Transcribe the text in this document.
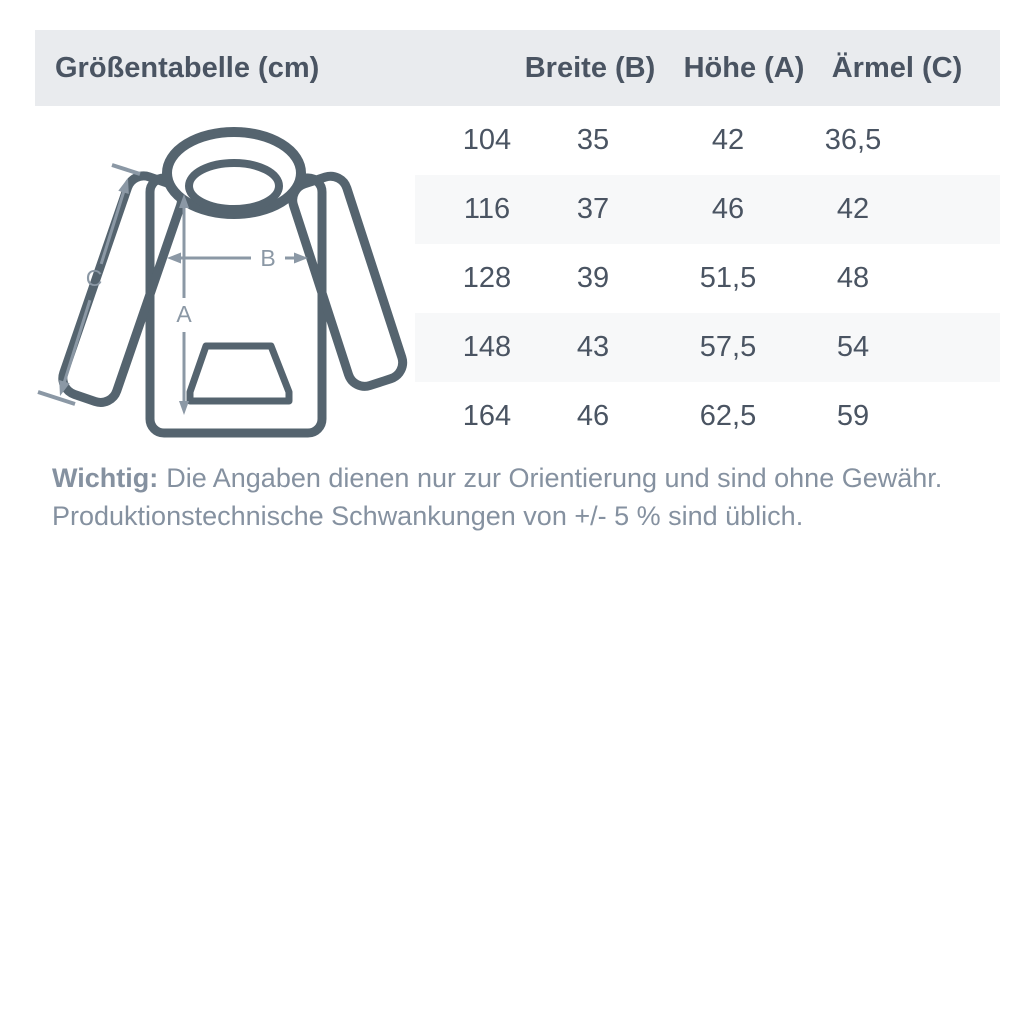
Größentabelle (cm)	Breite (B) Höhe (A) Ärmel (C)
104 35	42	36,5
116 37	46	42
128 39	51,5	48
148 43	57,5	54
164 46	62,5	59
A
B
C
Wichtig: Die Angaben dienen nur zur Orientierung und sind ohne Gewähr.
Produktionstechnische Schwankungen von +/- 5 % sind üblich.
